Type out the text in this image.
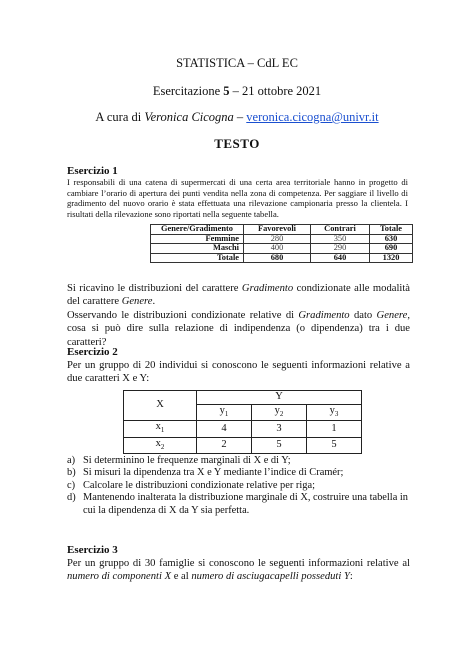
STATISTICA – CdL EC
Esercitazione 5 – 21 ottobre 2021
A cura di Veronica Cicogna – veronica.cicogna@univr.it
TESTO
Esercizio 1
I responsabili di una catena di supermercati di una certa area territoriale hanno in progetto di cambiare l’orario di apertura dei punti vendita nella zona di competenza. Per saggiare il livello di gradimento del nuovo orario è stata effettuata una rilevazione campionaria presso la clientela. I risultati della rilevazione sono riportati nella seguente tabella.
Genere/Gradimento	Favorevoli	Contrari	Totale
Femmine	280	350	630
Maschi	400	290	690
Totale	680	640	1320
Si ricavino le distribuzioni del carattere Gradimento condizionate alle modalità del carattere Genere.
Osservando le distribuzioni condizionate relative di Gradimento dato Genere, cosa si può dire sulla relazione di indipendenza (o dipendenza) tra i due caratteri?
Esercizio 2
Per un gruppo di 20 individui si conoscono le seguenti informazioni relative a due caratteri X e Y:
X	Y		
	$y_1$	$y_2$	$y_3$
$x_1$	4	3	1
$x_2$	2	5	5
a) Si determinino le frequenze marginali di X e di Y;
b) Si misuri la dipendenza tra X e Y mediante l’indice di Cramér;
c) Calcolare le distribuzioni condizionate relative per riga;
d) Mantenendo inalterata la distribuzione marginale di X, costruire una tabella in cui la dipendenza di X da Y sia perfetta.
Esercizio 3
Per un gruppo di 30 famiglie si conoscono le seguenti informazioni relative al numero di componenti X e al numero di asciugacapelli posseduti Y:
